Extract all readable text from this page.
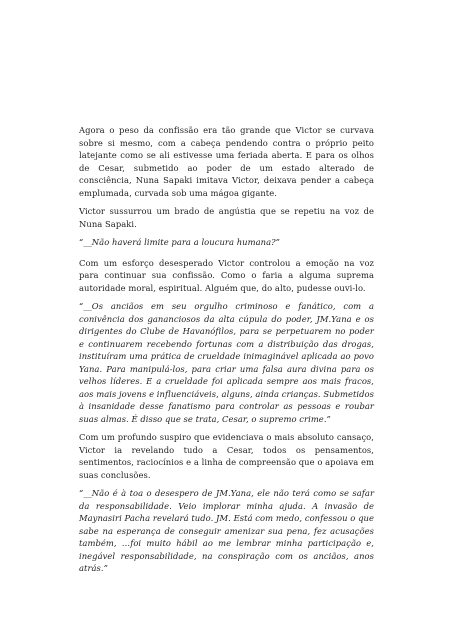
Agora o peso da confissão era tão grande que Victor se curvava sobre si mesmo, com a cabeça pendendo contra o próprio peito latejante como se ali estivesse uma feriada aberta. E para os olhos de Cesar, submetido ao poder de um estado alterado de consciência, Nuna Sapaki imitava Victor, deixava pender a cabeça emplumada, curvada sob uma mágoa gigante.

Victor sussurrou um brado de angústia que se repetiu na voz de Nuna Sapaki.

“__Não haverá limite para a loucura humana?”

Com um esforço desesperado Victor controlou a emoção na voz para continuar sua confissão. Como o faria a alguma suprema autoridade moral, espiritual. Alguém que, do alto, pudesse ouvi-lo.

“__Os anciãos em seu orgulho criminoso e fanático, com a conivência dos gananciosos da alta cúpula do poder, JM.Yana e os dirigentes do Clube de Havanófilos, para se perpetuarem no poder e continuarem recebendo fortunas com a distribuição das drogas, instituíram uma prática de crueldade inimaginável aplicada ao povo Yana. Para manipulá-los, para criar uma falsa aura divina para os velhos líderes. E a crueldade foi aplicada sempre aos mais fracos, aos mais jovens e influenciáveis, alguns, ainda crianças. Submetidos à insanidade desse fanatismo para controlar as pessoas e roubar suas almas. É disso que se trata, Cesar, o supremo crime.”

Com um profundo suspiro que evidenciava o mais absoluto cansaço, Victor ia revelando tudo a Cesar, todos os pensamentos, sentimentos, raciocínios e a linha de compreensão que o apoiava em suas conclusões.

“__Não é à toa o desespero de JM.Yana, ele não terá como se safar da responsabilidade. Veio implorar minha ajuda. A invasão de Maynasiri Pacha revelará tudo. JM. Está com medo, confessou o que sabe na esperança de conseguir amenizar sua pena, fez acusações também, …foi muito hábil ao me lembrar minha participação e, inegável responsabilidade, na conspiração com os anciãos, anos atrás.”
